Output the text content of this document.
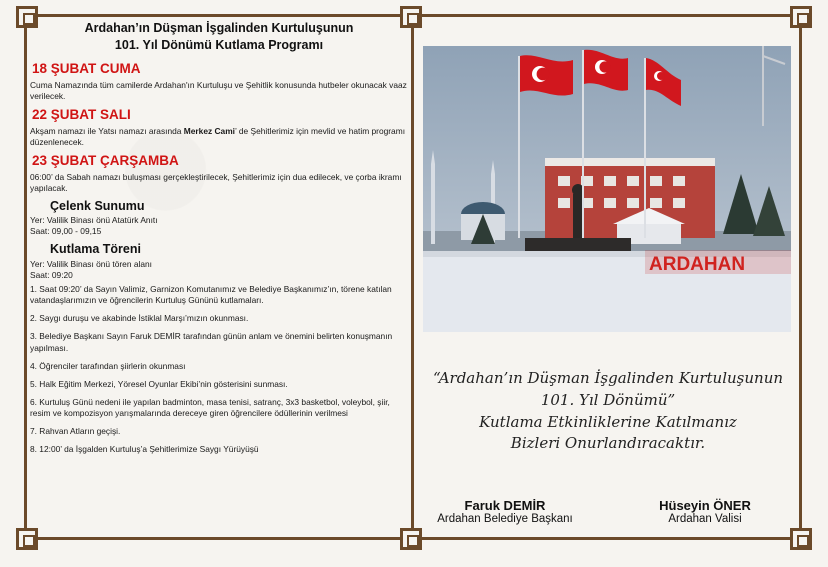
Ardahan’ın Düşman İşgalinden Kurtuluşunun
101. Yıl Dönümü Kutlama Programı
18 ŞUBAT CUMA
Cuma Namazında tüm camilerde Ardahan'ın Kurtuluşu ve Şehitlik konusunda hutbeler okunacak vaaz verilecek.
22 ŞUBAT SALI
Akşam namazı ile Yatsı namazı arasında Merkez Cami’ de Şehitlerimiz için mevlid ve hatim programı düzenlenecek.
23 ŞUBAT ÇARŞAMBA
06:00’ da Sabah namazı buluşması gerçekleştirilecek, Şehitlerimiz için dua edilecek, ve çorba ikramı yapılacak.
Çelenk Sunumu
Yer: Valilik Binası önü Atatürk Anıtı
Saat: 09,00 - 09,15
Kutlama Töreni
Yer: Valilik Binası önü tören alanı
Saat: 09:20
1. Saat 09:20’ da Sayın Valimiz, Garnizon Komutanımız ve Belediye Başkanımız’ın, törene katılan vatandaşlarımızın ve öğrencilerin Kurtuluş Gününü kutlamaları.
2. Saygı duruşu ve akabinde İstiklal Marşı’mızın okunması.
3. Belediye Başkanı Sayın Faruk DEMİR tarafından günün anlam ve önemini belirten konuşmanın yapılması.
4. Öğrenciler tarafından şiirlerin okunması
5. Halk Eğitim Merkezi, Yöresel Oyunlar Ekibi’nin gösterisini sunması.
6. Kurtuluş Günü nedeni ile yapılan badminton, masa tenisi, satranç, 3x3 basketbol, voleybol, şiir, resim ve kompozisyon yarışmalarında dereceye giren öğrencilere ödüllerinin verilmesi
7. Rahvan Atların geçişi.
8. 12:00’ da İşgalden Kurtuluş’a Şehitlerimize Saygı Yürüyüşü
ARDAHAN
“Ardahan’ın Düşman İşgalinden Kurtuluşunun
101. Yıl Dönümü”
Kutlama Etkinliklerine Katılmanız
Bizleri Onurlandıracaktır.
Faruk DEMİR
Ardahan Belediye Başkanı
Hüseyin ÖNER
Ardahan Valisi
